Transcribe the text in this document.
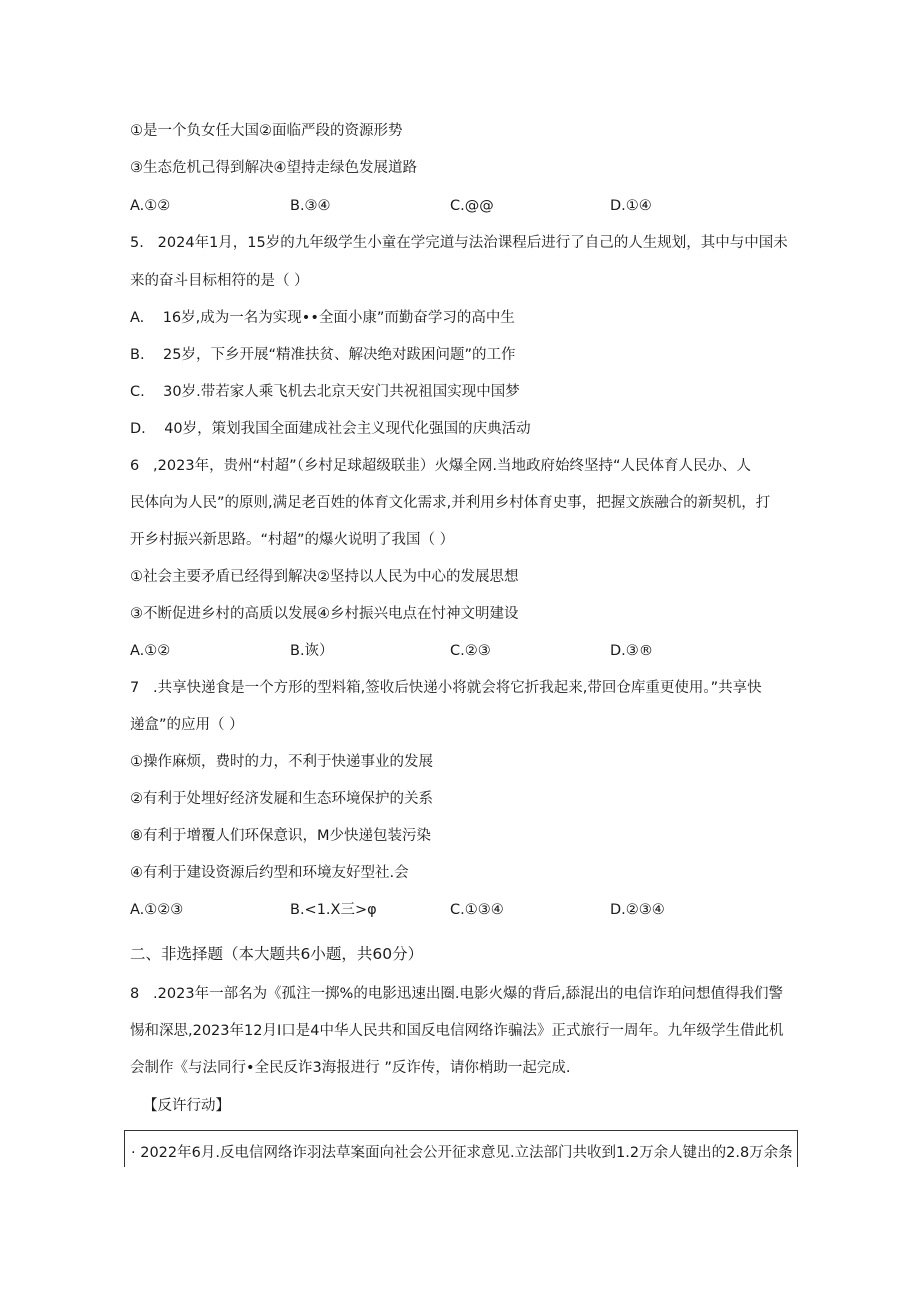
①是一个负女任大国②面临严段的资源形势
③生态危机己得到解决④望持走绿色发展道路
A.①②	B.③④	C.@@	D.①④
5.   2024年1月，15岁的九年级学生小童在学完道与法治课程后进行了自己的人生规划，其中与中国未
来的奋斗目标相符的是（ ）
A.    16岁,成为一名为实现••全面小康”而勤奋学习的高中生
B.    25岁，下乡开展“精准扶贫、解决绝对跋困问题”的工作
C.    30岁.带若家人乘飞机去北京天安门共祝祖国实现中国梦
D.    40岁，策划我国全面建成社会主义现代化强国的庆典活动
6   ,2023年，贵州“村超”（乡村足球超级联韭）火爆全网.当地政府始终坚持“人民体育人民办、人
民体向为人民”的原则,满足老百姓的体育文化需求,并利用乡村体育史事，把握文族融合的新契机，打
开乡村振兴新思路。“村超”的爆火说明了我国（ ）
①社会主要矛盾已经得到解决②坚持以人民为中心的发展思想
③不断促进乡村的高质以发展④乡村振兴电点在忖神文明建设
A.①②	B.诙）	C.②③	D.③®
7   .共享快递食是一个方形的型料箱,签收后快递小将就会将它折我起来,带回仓库重更使用。”共享快
递盒”的应用（ ）
①操作麻烦，费时的力，不利于快递事业的发展
②有利于处埋好经济发屣和生态环境保护的关系
⑧有利于增覆人们环保意识，M少快递包装污染
④有利于建设资源后约型和环境友好型社.会
A.①②③	B.<1.X三>φ	C.①③④	D.②③④
二、非选择题（本大题共6小题，共60分）
8   .2023年一部名为《孤注一掷%的电影迅速出圈.电影火爆的背后,舔混出的电信诈珀问想值得我们警
惕和深思,2023年12月I口是4中华人民共和国反电信网络诈骗法》正式旅行一周年。九年级学生借此机
会制作《与法同行•全民反诈3海报进行 ”反诈传，请你梢助一起完成.
【反许行动】
· 2022年6月.反电信网络诈羽法草案面向社会公开征求意见.立法部门共收到1.2万余人键出的2.8万余条
